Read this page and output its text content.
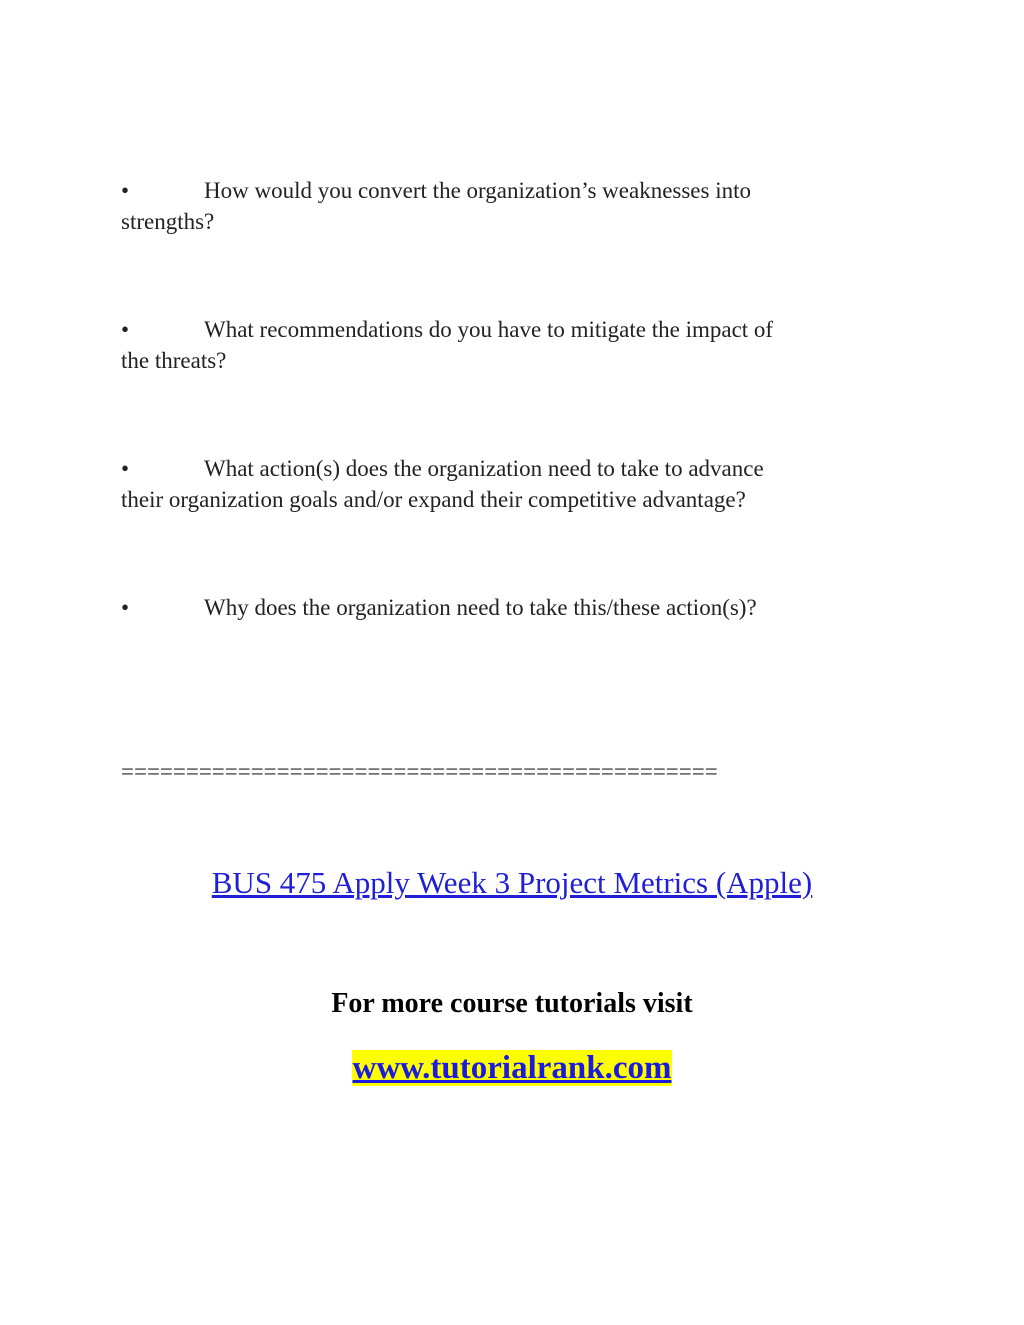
•	How would you convert the organization’s weaknesses into
strengths?
•	What recommendations do you have to mitigate the impact of
the threats?
•	What action(s) does the organization need to take to advance
their organization goals and/or expand their competitive advantage?
•	Why does the organization need to take this/these action(s)?
==============================================
BUS 475 Apply Week 3 Project Metrics (Apple)
For more course tutorials visit
www.tutorialrank.com
